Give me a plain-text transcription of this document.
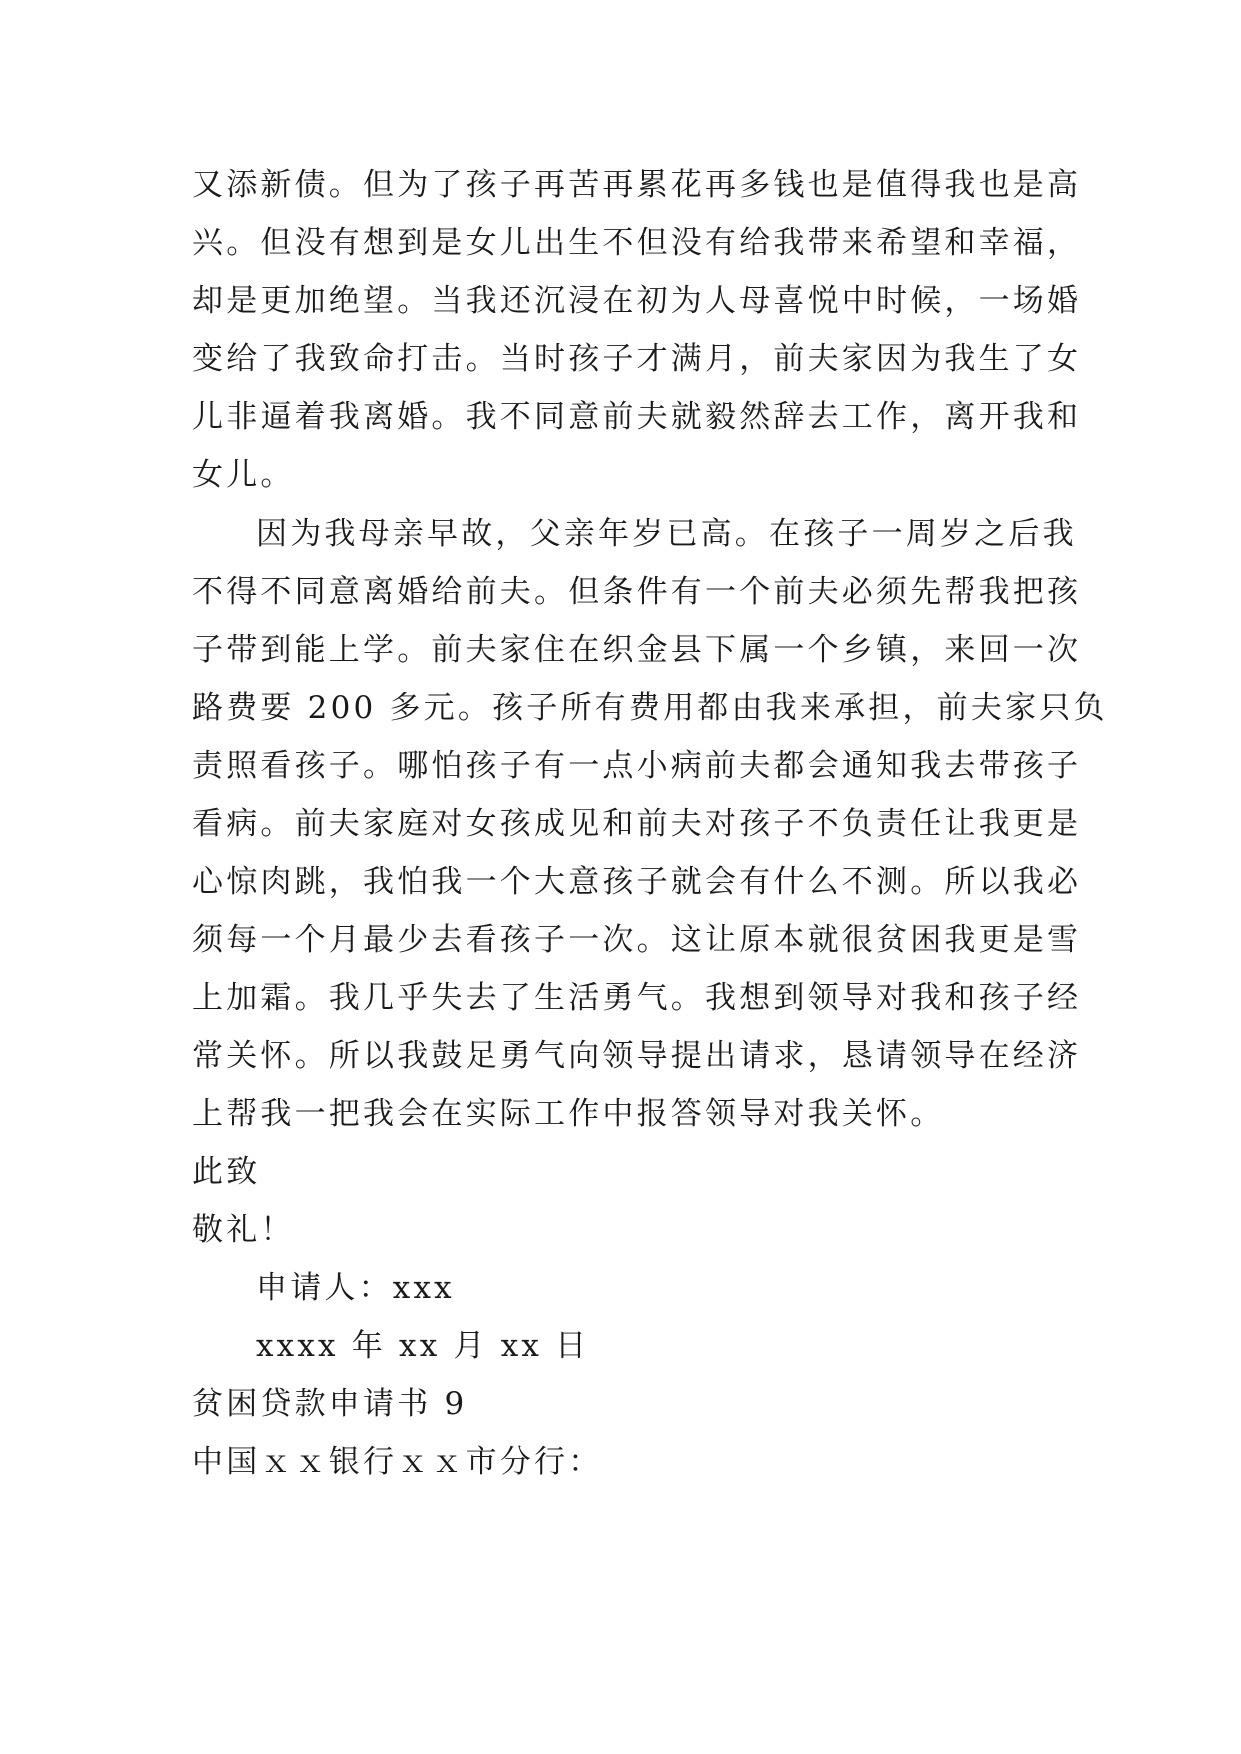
又添新债。但为了孩子再苦再累花再多钱也是值得我也是高
兴。但没有想到是女儿出生不但没有给我带来希望和幸福，
却是更加绝望。当我还沉浸在初为人母喜悦中时候，一场婚
变给了我致命打击。当时孩子才满月，前夫家因为我生了女
儿非逼着我离婚。我不同意前夫就毅然辞去工作，离开我和
女儿。
因为我母亲早故，父亲年岁已高。在孩子一周岁之后我
不得不同意离婚给前夫。但条件有一个前夫必须先帮我把孩
子带到能上学。前夫家住在织金县下属一个乡镇，来回一次
路费要 200 多元。孩子所有费用都由我来承担，前夫家只负
责照看孩子。哪怕孩子有一点小病前夫都会通知我去带孩子
看病。前夫家庭对女孩成见和前夫对孩子不负责任让我更是
心惊肉跳，我怕我一个大意孩子就会有什么不测。所以我必
须每一个月最少去看孩子一次。这让原本就很贫困我更是雪
上加霜。我几乎失去了生活勇气。我想到领导对我和孩子经
常关怀。所以我鼓足勇气向领导提出请求，恳请领导在经济
上帮我一把我会在实际工作中报答领导对我关怀。
此致
敬礼！
申请人：xxx
xxxx 年 xx 月 xx 日
贫困贷款申请书 9
中国ｘｘ银行ｘｘ市分行：
